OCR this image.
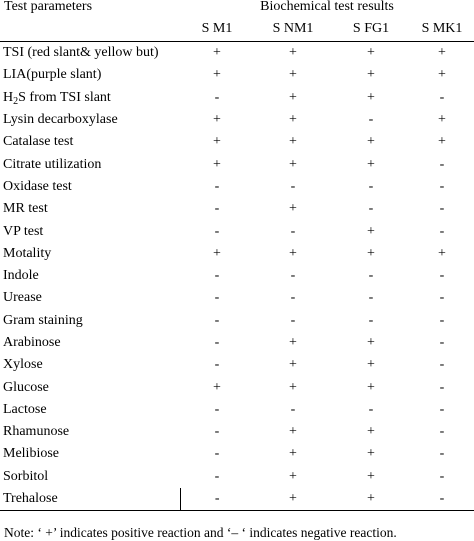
Test parameters	Biochemical test results			
	S M1	S NM1	S FG1	S MK1
TSI (red slant& yellow but)	+	+	+	+
LIA(purple slant)	+	+	+	+
$H_2S$ from TSI slant	-	+	+	-
Lysin decarboxylase	+	+	-	+
Catalase test	+	+	+	+
Citrate utilization	+	+	+	-
Oxidase test	-	-	-	-
MR test	-	+	-	-
VP test	-	-	+	-
Motality	+	+	+	+
Indole	-	-	-	-
Urease	-	-	-	-
Gram staining	-	-	-	-
Arabinose	-	+	+	-
Xylose	-	+	+	-
Glucose	+	+	+	-
Lactose	-	-	-	-
Rhamunose	-	+	+	-
Melibiose	-	+	+	-
Sorbitol	-	+	+	-
Trehalose	-	+	+	-
Note: ‘ +’ indicates positive reaction and ‘– ‘ indicates negative reaction.
